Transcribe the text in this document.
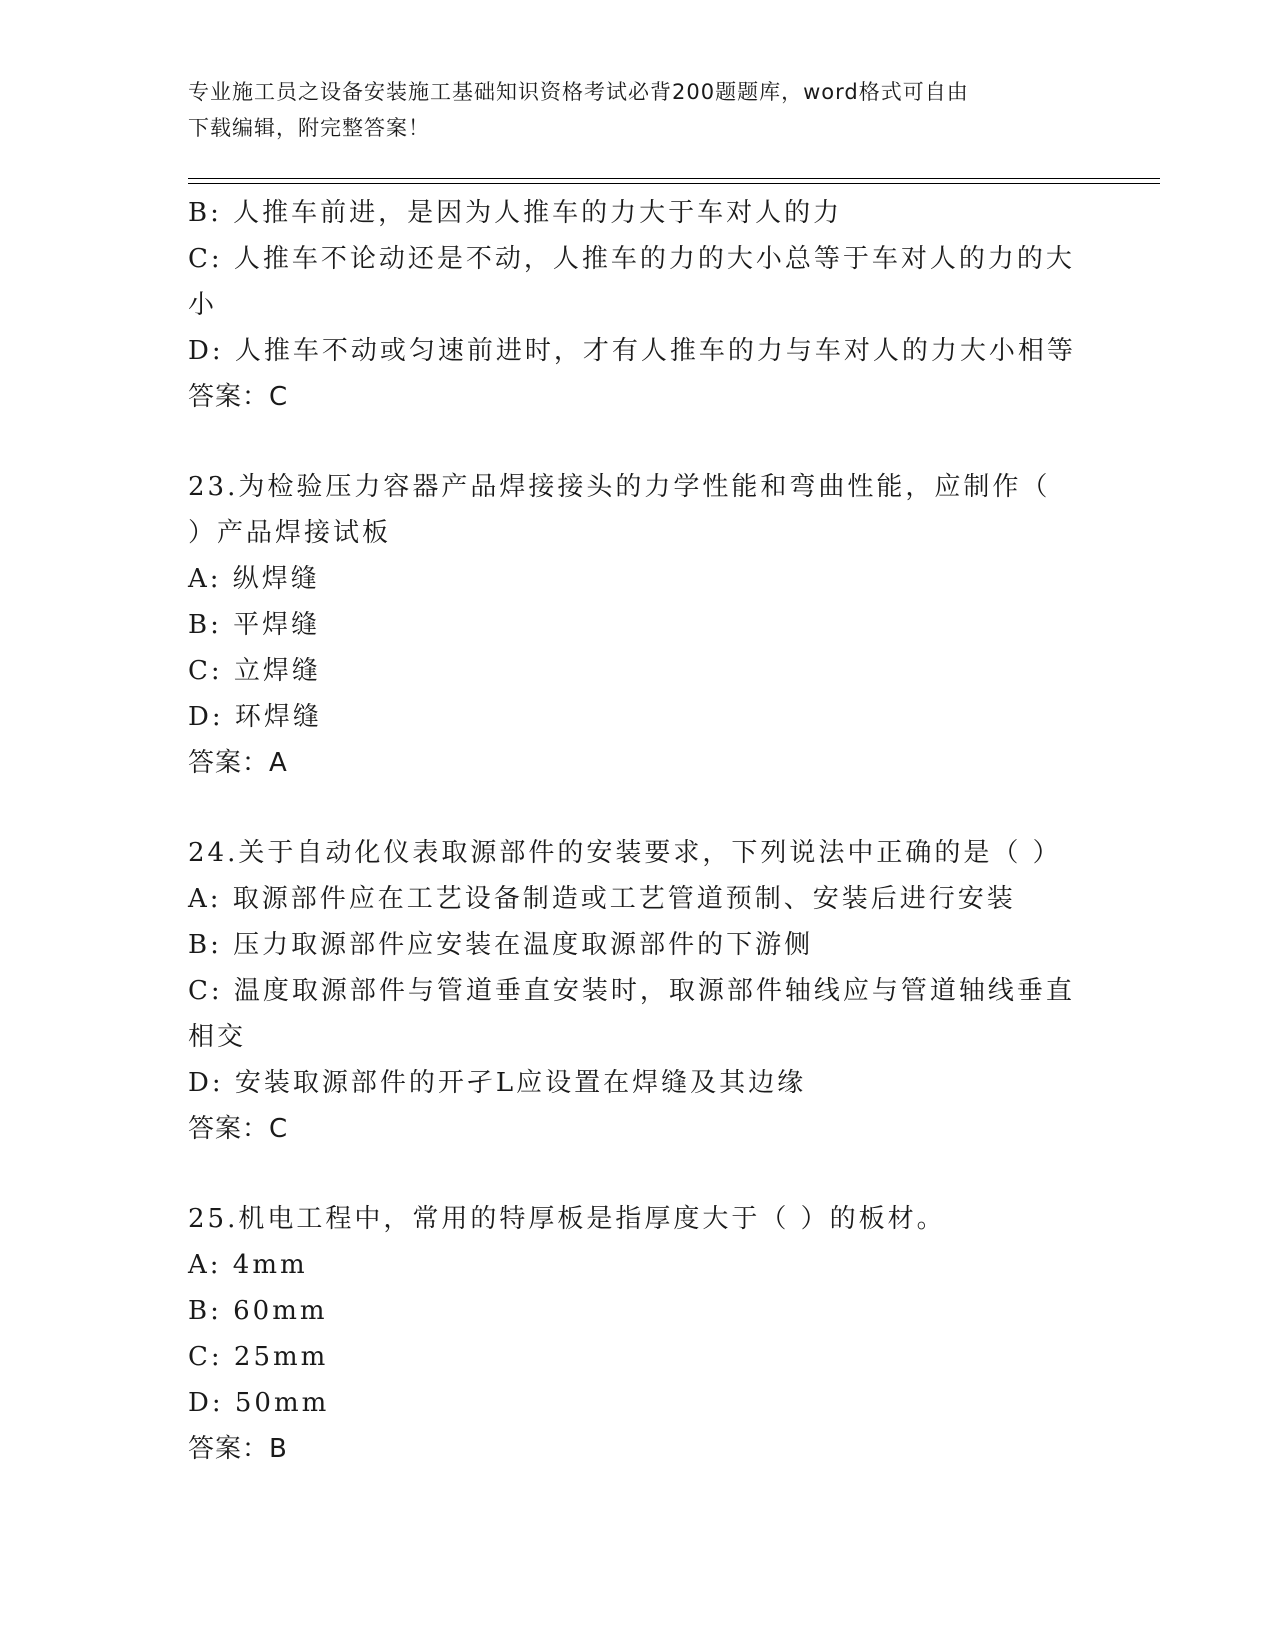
专业施工员之设备安装施工基础知识资格考试必背200题题库，word格式可自由
下载编辑，附完整答案！
B: 人推车前进，是因为人推车的力大于车对人的力
C: 人推车不论动还是不动，人推车的力的大小总等于车对人的力的大
小
D: 人推车不动或匀速前进时，才有人推车的力与车对人的力大小相等
答案：C
23.为检验压力容器产品焊接接头的力学性能和弯曲性能，应制作（
）产品焊接试板
A: 纵焊缝
B: 平焊缝
C: 立焊缝
D: 环焊缝
答案：A
24.关于自动化仪表取源部件的安装要求，下列说法中正确的是（ ）
A: 取源部件应在工艺设备制造或工艺管道预制、安装后进行安装
B: 压力取源部件应安装在温度取源部件的下游侧
C: 温度取源部件与管道垂直安装时，取源部件轴线应与管道轴线垂直
相交
D: 安装取源部件的开孑L应设置在焊缝及其边缘
答案：C
25.机电工程中，常用的特厚板是指厚度大于（ ）的板材。
A: 4mm
B: 60mm
C: 25mm
D: 50mm
答案：B
